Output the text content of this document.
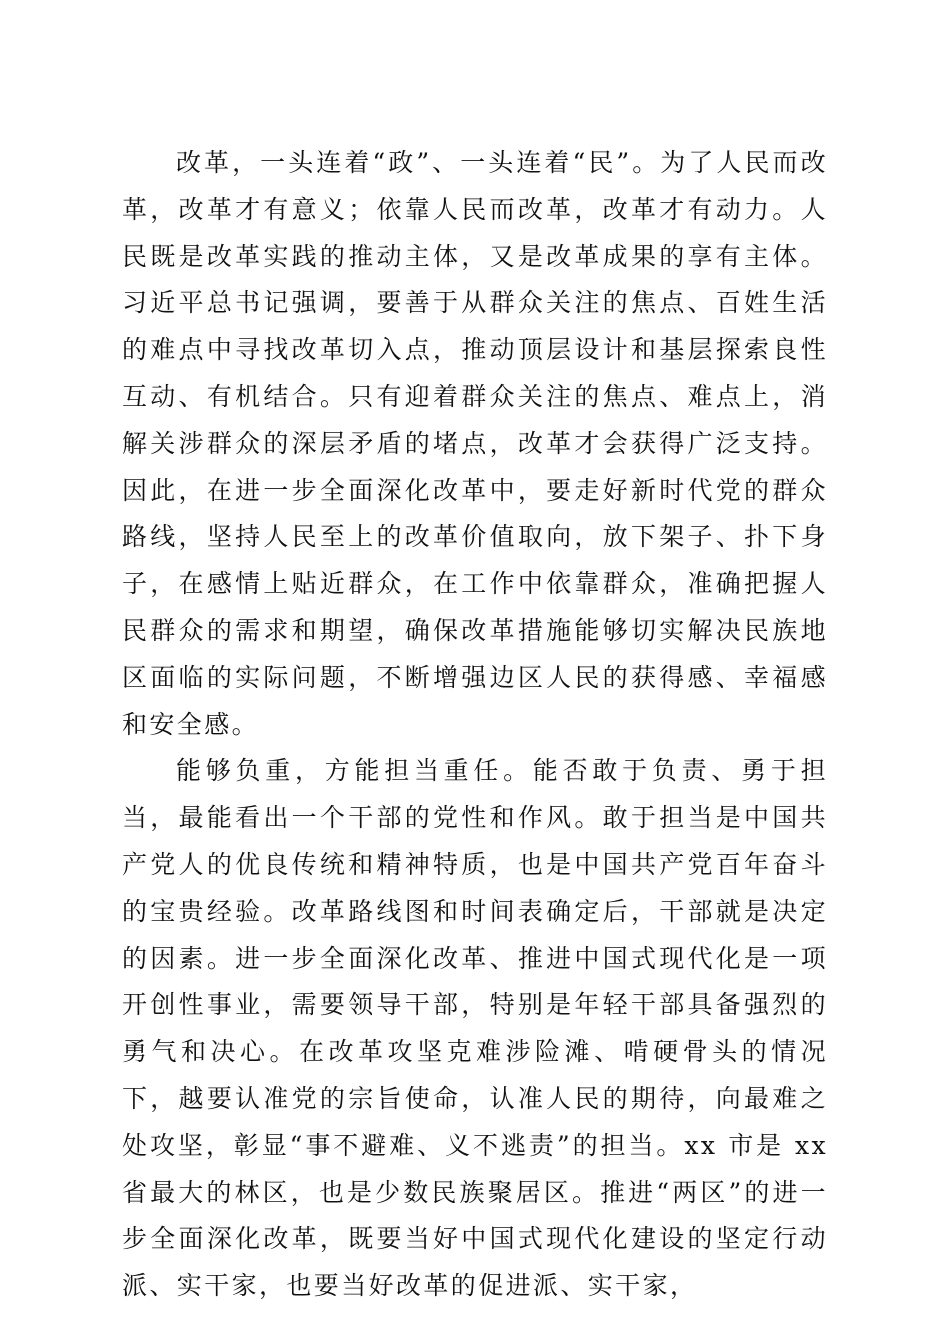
改革，一头连着“政”、一头连着“民”。为了人民而改革，改革才有意义；依靠人民而改革，改革才有动力。人民既是改革实践的推动主体，又是改革成果的享有主体。习近平总书记强调，要善于从群众关注的焦点、百姓生活的难点中寻找改革切入点，推动顶层设计和基层探索良性互动、有机结合。只有迎着群众关注的焦点、难点上，消解关涉群众的深层矛盾的堵点，改革才会获得广泛支持。因此，在进一步全面深化改革中，要走好新时代党的群众路线，坚持人民至上的改革价值取向，放下架子、扑下身子，在感情上贴近群众，在工作中依靠群众，准确把握人民群众的需求和期望，确保改革措施能够切实解决民族地区面临的实际问题，不断增强边区人民的获得感、幸福感和安全感。

能够负重，方能担当重任。能否敢于负责、勇于担当，最能看出一个干部的党性和作风。敢于担当是中国共产党人的优良传统和精神特质，也是中国共产党百年奋斗的宝贵经验。改革路线图和时间表确定后，干部就是决定的因素。进一步全面深化改革、推进中国式现代化是一项开创性事业，需要领导干部，特别是年轻干部具备强烈的勇气和决心。在改革攻坚克难涉险滩、啃硬骨头的情况下，越要认准党的宗旨使命，认准人民的期待，向最难之处攻坚，彰显“事不避难、义不逃责”的担当。xx 市是 xx 省最大的林区，也是少数民族聚居区。推进“两区”的进一步全面深化改革，既要当好中国式现代化建设的坚定行动派、实干家，也要当好改革的促进派、实干家，
